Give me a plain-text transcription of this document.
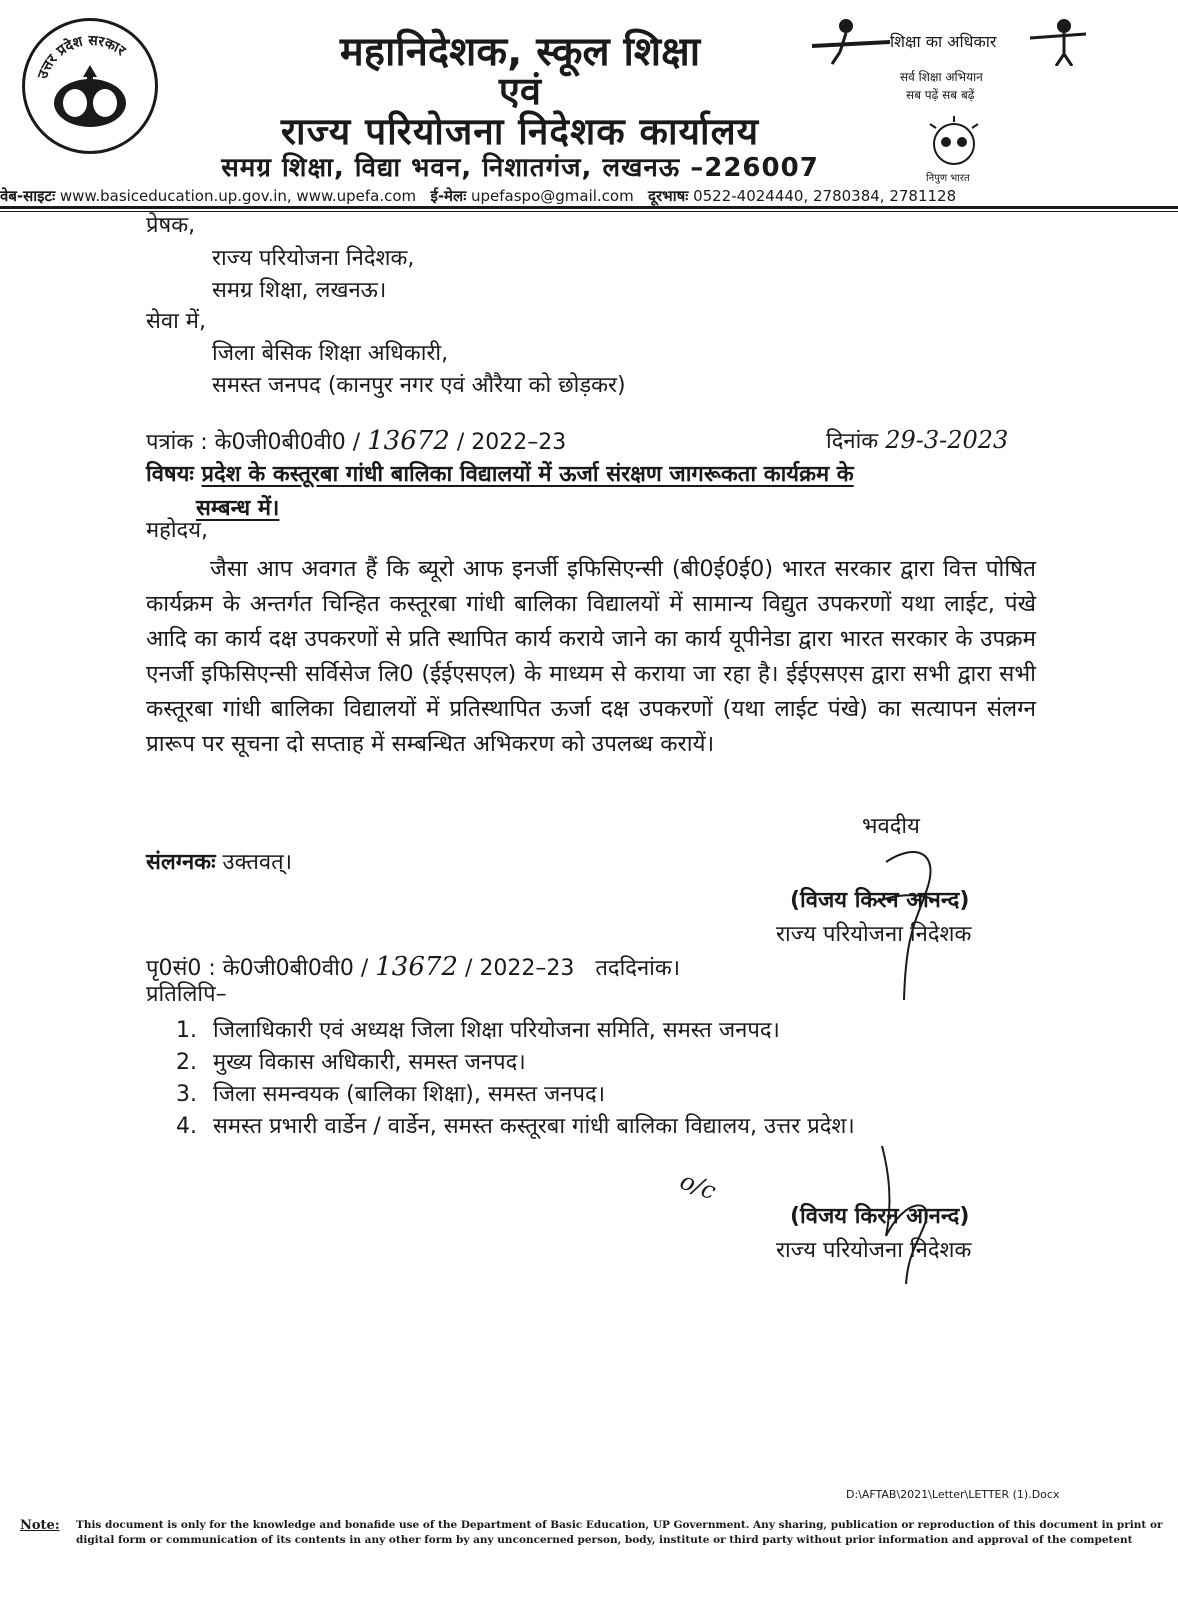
उत्तर प्रदेश सरकार	महानिदेशक, स्कूल शिक्षा
एवं
राज्य परियोजना निदेशक कार्यालय
समग्र शिक्षा, विद्या भवन, निशातगंज, लखनऊ –226007
शिक्षा का अधिकार
सर्व शिक्षा अभियान
सब पढ़ें सब बढ़ें
निपुण भारत
वेब-साइटः www.basiceducation.up.gov.in, www.upefa.com ई-मेलः upefaspo@gmail.com दूरभाषः 0522-4024440, 2780384, 2781128
प्रेषक,
राज्य परियोजना निदेशक,
समग्र शिक्षा, लखनऊ।
सेवा में,
जिला बेसिक शिक्षा अधिकारी,
समस्त जनपद (कानपुर नगर एवं औरैया को छोड़कर)
पत्रांक : के0जी0बी0वी0 / 13672 / 2022–23	दिनांक 29-3-2023
विषयः प्रदेश के कस्तूरबा गांधी बालिका विद्यालयों में ऊर्जा संरक्षण जागरूकता कार्यक्रम के
सम्बन्ध में।
महोदय,
जैसा आप अवगत हैं कि ब्यूरो आफ इनर्जी इफिसिएन्सी (बी0ई0ई0) भारत सरकार द्वारा वित्त पोषित कार्यक्रम के अन्तर्गत चिन्हित कस्तूरबा गांधी बालिका विद्यालयों में सामान्य विद्युत उपकरणों यथा लाईट, पंखे आदि का कार्य दक्ष उपकरणों से प्रति स्थापित कार्य कराये जाने का कार्य यूपीनेडा द्वारा भारत सरकार के उपक्रम एनर्जी इफिसिएन्सी सर्विसेज लि0 (ईईएसएल) के माध्यम से कराया जा रहा है। ईईएसएस द्वारा सभी द्वारा सभी कस्तूरबा गांधी बालिका विद्यालयों में प्रतिस्थापित ऊर्जा दक्ष उपकरणों (यथा लाईट पंखे) का सत्यापन संलग्न प्रारूप पर सूचना दो सप्ताह में सम्बन्धित अभिकरण को उपलब्ध करायें।
भवदीय
संलग्नकः उक्तवत्।
(विजय किरन आनन्द)
राज्य परियोजना निदेशक
पृ0सं0 : के0जी0बी0वी0 / 13672 / 2022–23 तददिनांक।
प्रतिलिपि–
1. जिलाधिकारी एवं अध्यक्ष जिला शिक्षा परियोजना समिति, समस्त जनपद।
2. मुख्य विकास अधिकारी, समस्त जनपद।
3. जिला समन्वयक (बालिका शिक्षा), समस्त जनपद।
4. समस्त प्रभारी वार्डेन / वार्डेन, समस्त कस्तूरबा गांधी बालिका विद्यालय, उत्तर प्रदेश।
o/c
(विजय किरन आनन्द)
राज्य परियोजना निदेशक
D:\AFTAB\2021\Letter\LETTER (1).Docx
Note: This document is only for the knowledge and bonafide use of the Department of Basic Education, UP Government. Any sharing, publication or reproduction of this document in print or digital form or communication of its contents in any other form by any unconcerned person, body, institute or third party without prior information and approval of the competent
